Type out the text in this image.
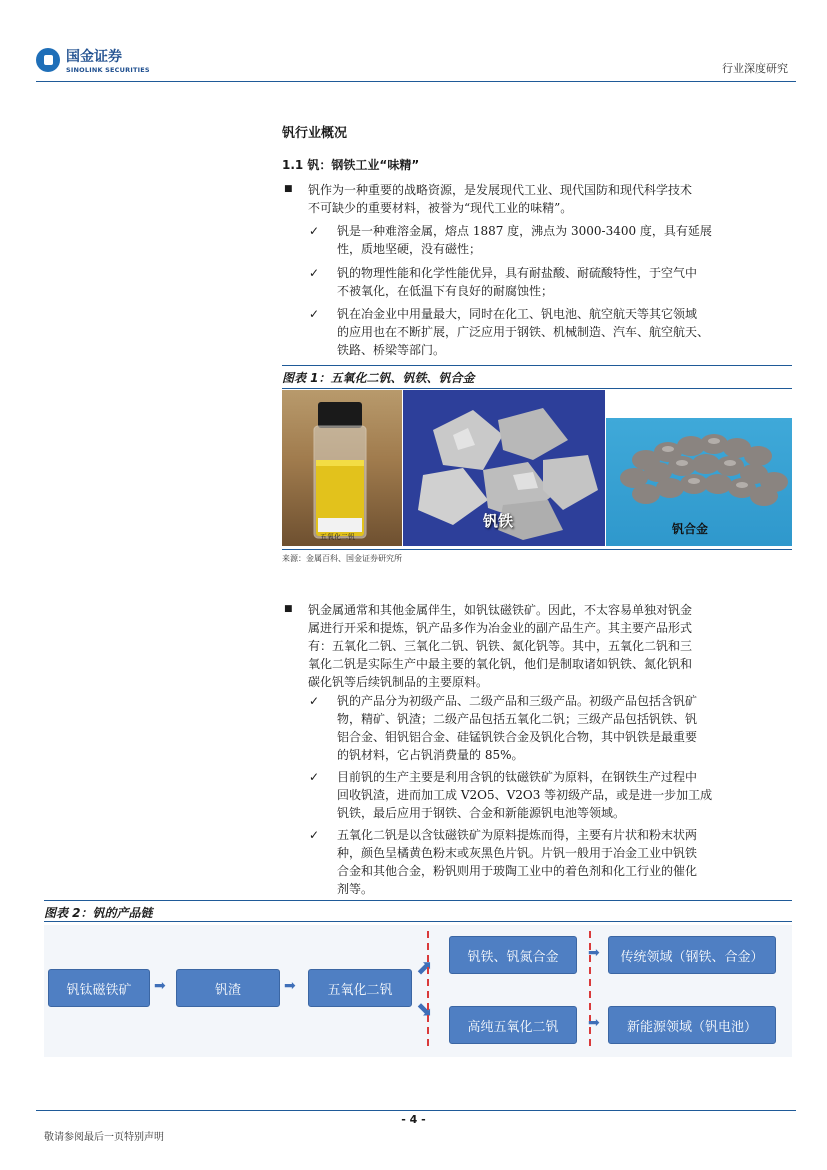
国金证券
SINOLINK SECURITIES	行业深度研究
钒行业概况
1.1 钒：钢铁工业“味精”
■ 钒作为一种重要的战略资源，是发展现代工业、现代国防和现代科学技术
不可缺少的重要材料，被誉为“现代工业的味精”。
✓ 钒是一种难溶金属，熔点 1887 度，沸点为 3000-3400 度，具有延展
性，质地坚硬，没有磁性；
✓ 钒的物理性能和化学性能优异，具有耐盐酸、耐硫酸特性，于空气中
不被氧化，在低温下有良好的耐腐蚀性；
✓ 钒在冶金业中用量最大，同时在化工、钒电池、航空航天等其它领域
的应用也在不断扩展，广泛应用于钢铁、机械制造、汽车、航空航天、
铁路、桥梁等部门。
图表 1：五氧化二钒、钒铁、钒合金
五氧化二钒
钒铁	钒合金
来源：金属百科、国金证券研究所
■ 钒金属通常和其他金属伴生，如钒钛磁铁矿。因此，不太容易单独对钒金
属进行开采和提炼，钒产品多作为冶金业的副产品生产。其主要产品形式
有：五氧化二钒、三氧化二钒、钒铁、氮化钒等。其中，五氧化二钒和三
氧化二钒是实际生产中最主要的氧化钒，他们是制取诸如钒铁、氮化钒和
碳化钒等后续钒制品的主要原料。
✓ 钒的产品分为初级产品、二级产品和三级产品。初级产品包括含钒矿
物，精矿、钒渣；二级产品包括五氧化二钒；三级产品包括钒铁、钒
铝合金、钼钒铝合金、硅锰钒铁合金及钒化合物，其中钒铁是最重要
的钒材料，它占钒消费量的 85%。
✓ 目前钒的生产主要是利用含钒的钛磁铁矿为原料，在钢铁生产过程中
回收钒渣，进而加工成 V2O5、V2O3 等初级产品，或是进一步加工成
钒铁，最后应用于钢铁、合金和新能源钒电池等领域。
✓ 五氧化二钒是以含钛磁铁矿为原料提炼而得，主要有片状和粉末状两
种，颜色呈橘黄色粉末或灰黑色片钒。片钒一般用于冶金工业中钒铁
合金和其他合金，粉钒则用于玻陶工业中的着色剂和化工行业的催化
剂等。
图表 2：钒的产品链
钒钛磁铁矿	➡	钒渣	➡	五氧化二钒
⬈
⬊
钒铁、钒氮合金
高纯五氧化二钒
➡
➡
传统领域（钢铁、合金）
新能源领域（钒电池）
- 4 -
敬请参阅最后一页特别声明
